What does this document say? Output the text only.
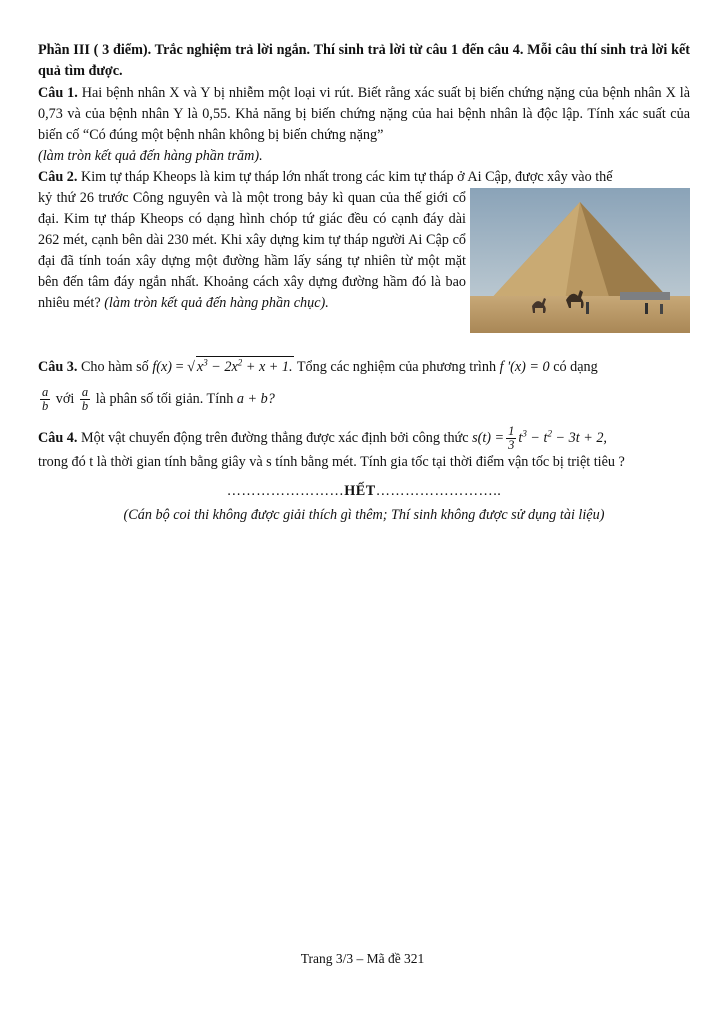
Phần III ( 3 điểm). Trắc nghiệm trả lời ngắn. Thí sinh trả lời từ câu 1 đến câu 4. Mỗi câu thí sinh trả lời kết quả tìm được.

Câu 1. Hai bệnh nhân X và Y bị nhiễm một loại vi rút. Biết rằng xác suất bị biến chứng nặng của bệnh nhân X là 0,73 và của bệnh nhân Y là 0,55. Khả năng bị biến chứng nặng của hai bệnh nhân là độc lập. Tính xác suất của biến cố “Có đúng một bệnh nhân không bị biến chứng nặng”

(làm tròn kết quả đến hàng phần trăm).

Câu 2. Kim tự tháp Kheops là kim tự tháp lớn nhất trong các kim tự tháp ở Ai Cập, được xây vào thế

kỷ thứ 26 trước Công nguyên và là một trong bảy kì quan của thế giới cổ đại. Kim tự tháp Kheops có dạng hình chóp tứ giác đều có cạnh đáy dài 262 mét, cạnh bên dài 230 mét. Khi xây dựng kim tự tháp người Ai Cập cổ đại đã tính toán xây dựng một đường hầm lấy sáng tự nhiên từ một mặt bên đến tâm đáy ngắn nhất. Khoảng cách xây dựng đường hầm đó là bao nhiêu mét? (làm tròn kết quả đến hàng phần chục).

Câu 3. Cho hàm số f(x) = √ $x^3 - 2x^2 + x + 1$. Tổng các nghiệm của phương trình f '(x) = 0 có dạng

$\frac{a}{b}$ với $\frac{a}{b}$ là phân số tối giản. Tính a + b?

Câu 4. Một vật chuyển động trên đường thẳng được xác định bởi công thức $s(t) = \frac{1}{3} t^3 - t^2 - 3t + 2$,

trong đó t là thời gian tính bằng giây và s tính bằng mét. Tính gia tốc tại thời điểm vận tốc bị triệt tiêu ?

……………………HẾT……………………..

(Cán bộ coi thi không được giải thích gì thêm; Thí sinh không được sử dụng tài liệu)

Trang 3/3 – Mã đề 321
